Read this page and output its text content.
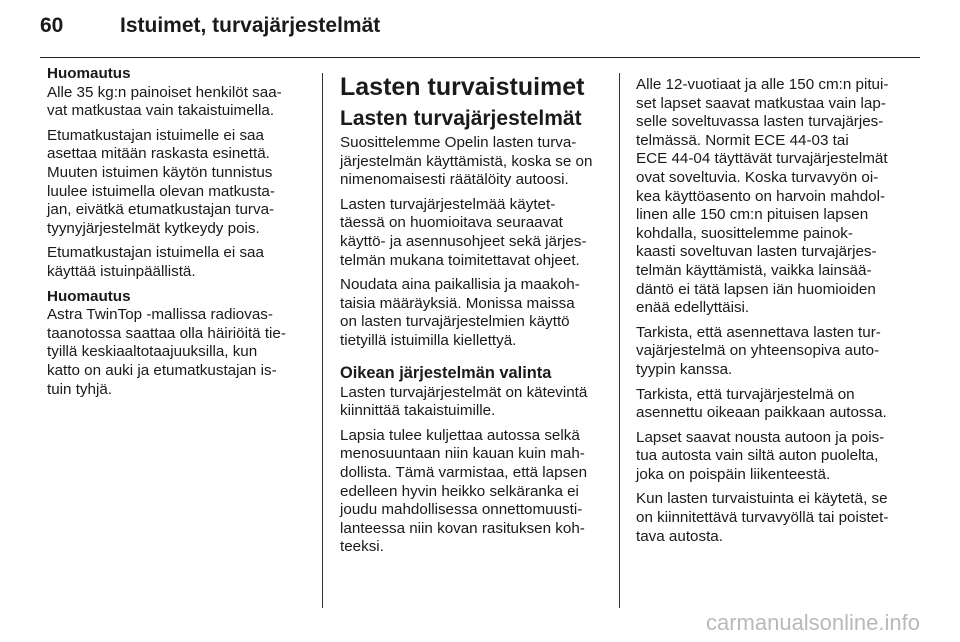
60	Istuimet, turvajärjestelmät

Huomautus
Alle 35 kg:n painoiset henkilöt saa-
vat matkustaa vain takaistuimella.

Etumatkustajan istuimelle ei saa
asettaa mitään raskasta esinettä.
Muuten istuimen käytön tunnistus
luulee istuimella olevan matkusta-
jan, eivätkä etumatkustajan turva-
tyynyjärjestelmät kytkeydy pois.

Etumatkustajan istuimella ei saa
käyttää istuinpäällistä.

Huomautus
Astra TwinTop -mallissa radiovas-
taanotossa saattaa olla häiriöitä tie-
tyillä keskiaaltotaajuuksilla, kun
katto on auki ja etumatkustajan is-
tuin tyhjä.

Lasten turvaistuimet
Lasten turvajärjestelmät

Suosittelemme Opelin lasten turva-
järjestelmän käyttämistä, koska se on
nimenomaisesti räätälöity autoosi.

Lasten turvajärjestelmää käytet-
täessä on huomioitava seuraavat
käyttö- ja asennusohjeet sekä järjes-
telmän mukana toimitettavat ohjeet.

Noudata aina paikallisia ja maakoh-
taisia määräyksiä. Monissa maissa
on lasten turvajärjestelmien käyttö
tietyillä istuimilla kiellettyä.

Oikean järjestelmän valinta

Lasten turvajärjestelmät on kätevintä
kiinnittää takaistuimille.

Lapsia tulee kuljettaa autossa selkä
menosuuntaan niin kauan kuin mah-
dollista. Tämä varmistaa, että lapsen
edelleen hyvin heikko selkäranka ei
joudu mahdollisessa onnettomuusti-
lanteessa niin kovan rasituksen koh-
teeksi.

Alle 12-vuotiaat ja alle 150 cm:n pitui-
set lapset saavat matkustaa vain lap-
selle soveltuvassa lasten turvajärjes-
telmässä. Normit ECE 44-03 tai
ECE 44-04 täyttävät turvajärjestelmät
ovat soveltuvia. Koska turvavyön oi-
kea käyttöasento on harvoin mahdol-
linen alle 150 cm:n pituisen lapsen
kohdalla, suosittelemme painok-
kaasti soveltuvan lasten turvajärjes-
telmän käyttämistä, vaikka lainsää-
däntö ei tätä lapsen iän huomioiden
enää edellyttäisi.

Tarkista, että asennettava lasten tur-
vajärjestelmä on yhteensopiva auto-
tyypin kanssa.

Tarkista, että turvajärjestelmä on
asennettu oikeaan paikkaan autossa.

Lapset saavat nousta autoon ja pois-
tua autosta vain siltä auton puolelta,
joka on poispäin liikenteestä.

Kun lasten turvaistuinta ei käytetä, se
on kiinnitettävä turvavyöllä tai poistet-
tava autosta.

carmanualsonline.info
